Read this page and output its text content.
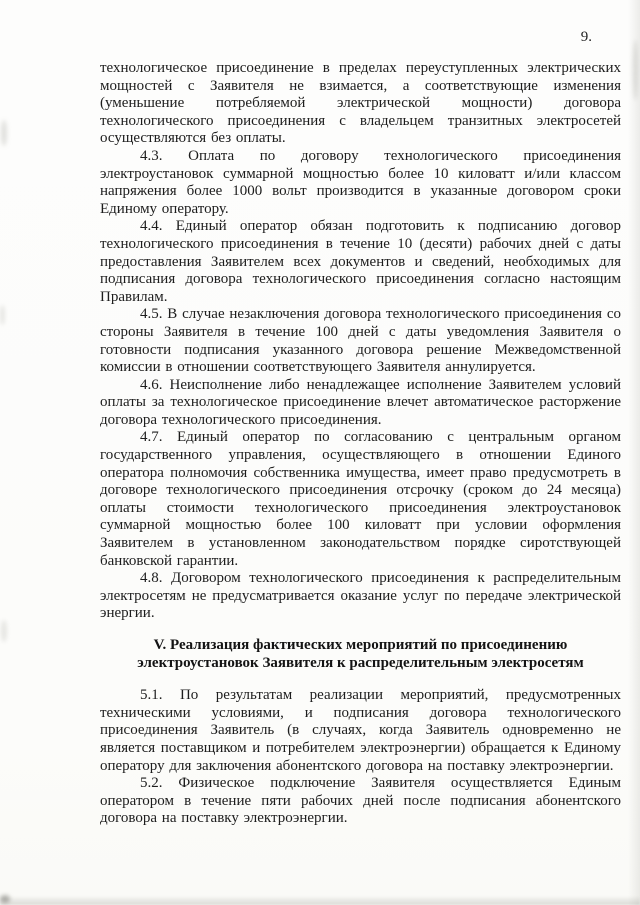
9.

технологическое присоединение в пределах переуступленных электрических мощностей с Заявителя не взимается, а соответствующие изменения (уменьшение потребляемой электрической мощности) договора технологического присоединения с владельцем транзитных электросетей осуществляются без оплаты.

4.3. Оплата по договору технологического присоединения электроустановок суммарной мощностью более 10 киловатт и/или классом напряжения более 1000 вольт производится в указанные договором сроки Единому оператору.

4.4. Единый оператор обязан подготовить к подписанию договор технологического присоединения в течение 10 (десяти) рабочих дней с даты предоставления Заявителем всех документов и сведений, необходимых для подписания договора технологического присоединения согласно настоящим Правилам.

4.5. В случае незаключения договора технологического присоединения со стороны Заявителя в течение 100 дней с даты уведомления Заявителя о готовности подписания указанного договора решение Межведомственной комиссии в отношении соответствующего Заявителя аннулируется.

4.6. Неисполнение либо ненадлежащее исполнение Заявителем условий оплаты за технологическое присоединение влечет автоматическое расторжение договора технологического присоединения.

4.7. Единый оператор по согласованию с центральным органом государственного управления, осуществляющего в отношении Единого оператора полномочия собственника имущества, имеет право предусмотреть в договоре технологического присоединения отсрочку (сроком до 24 месяца) оплаты стоимости технологического присоединения электроустановок суммарной мощностью более 100 киловатт при условии оформления Заявителем в установленном законодательством порядке сиротствующей банковской гарантии.

4.8. Договором технологического присоединения к распределительным электросетям не предусматривается оказание услуг по передаче электрической энергии.

V. Реализация фактических мероприятий по присоединению электроустановок Заявителя к распределительным электросетям

5.1. По результатам реализации мероприятий, предусмотренных техническими условиями, и подписания договора технологического присоединения Заявитель (в случаях, когда Заявитель одновременно не является поставщиком и потребителем электроэнергии) обращается к Единому оператору для заключения абонентского договора на поставку электроэнергии.

5.2. Физическое подключение Заявителя осуществляется Единым оператором в течение пяти рабочих дней после подписания абонентского договора на поставку электроэнергии.
